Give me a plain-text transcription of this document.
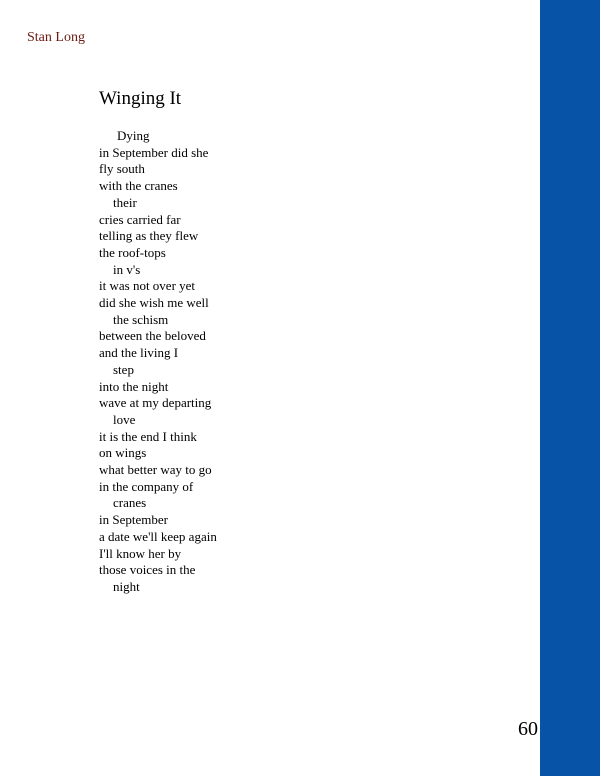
Stan Long
Winging It
Dying
in September did she
fly south
with the cranes
their
cries carried far
telling as they flew
the roof-tops
in v's
it was not over yet
did she wish me well
the schism
between the beloved
and the living I
step
into the night
wave at my departing
love
it is the end I think
on wings
what better way to go
in the company of
cranes
in September
a date we'll keep again
I'll know her by
those voices in the
night
60
